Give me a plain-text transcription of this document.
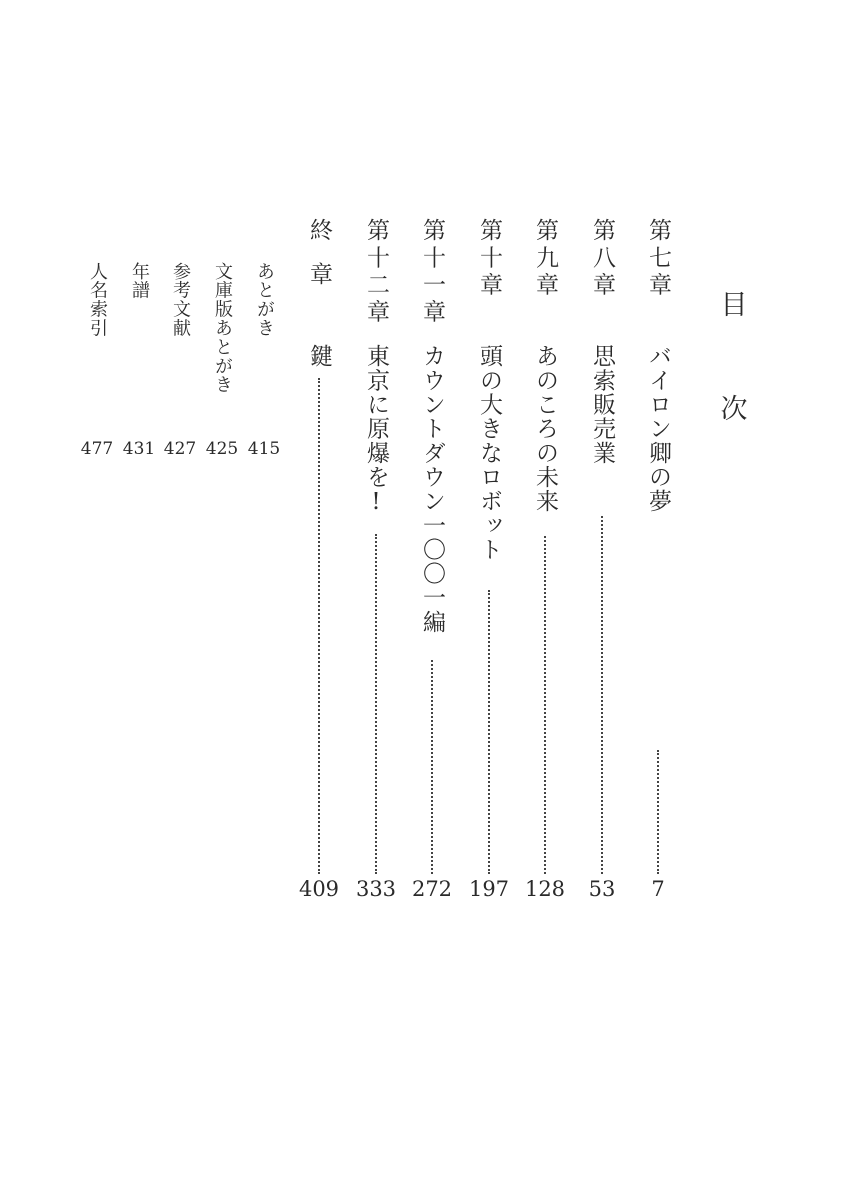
目
次
第七章
バイロン卿の夢
7
第八章
思索販売業
53
第九章
あのころの未来
128
第十章
頭の大きなロボット
197
第十一章
カウントダウン一〇〇一編
272
第十二章
東京に原爆を!
333
終章
鍵
409
あとがき
415
文庫版あとがき
425
参考文献
427
年譜
431
人名索引
477
